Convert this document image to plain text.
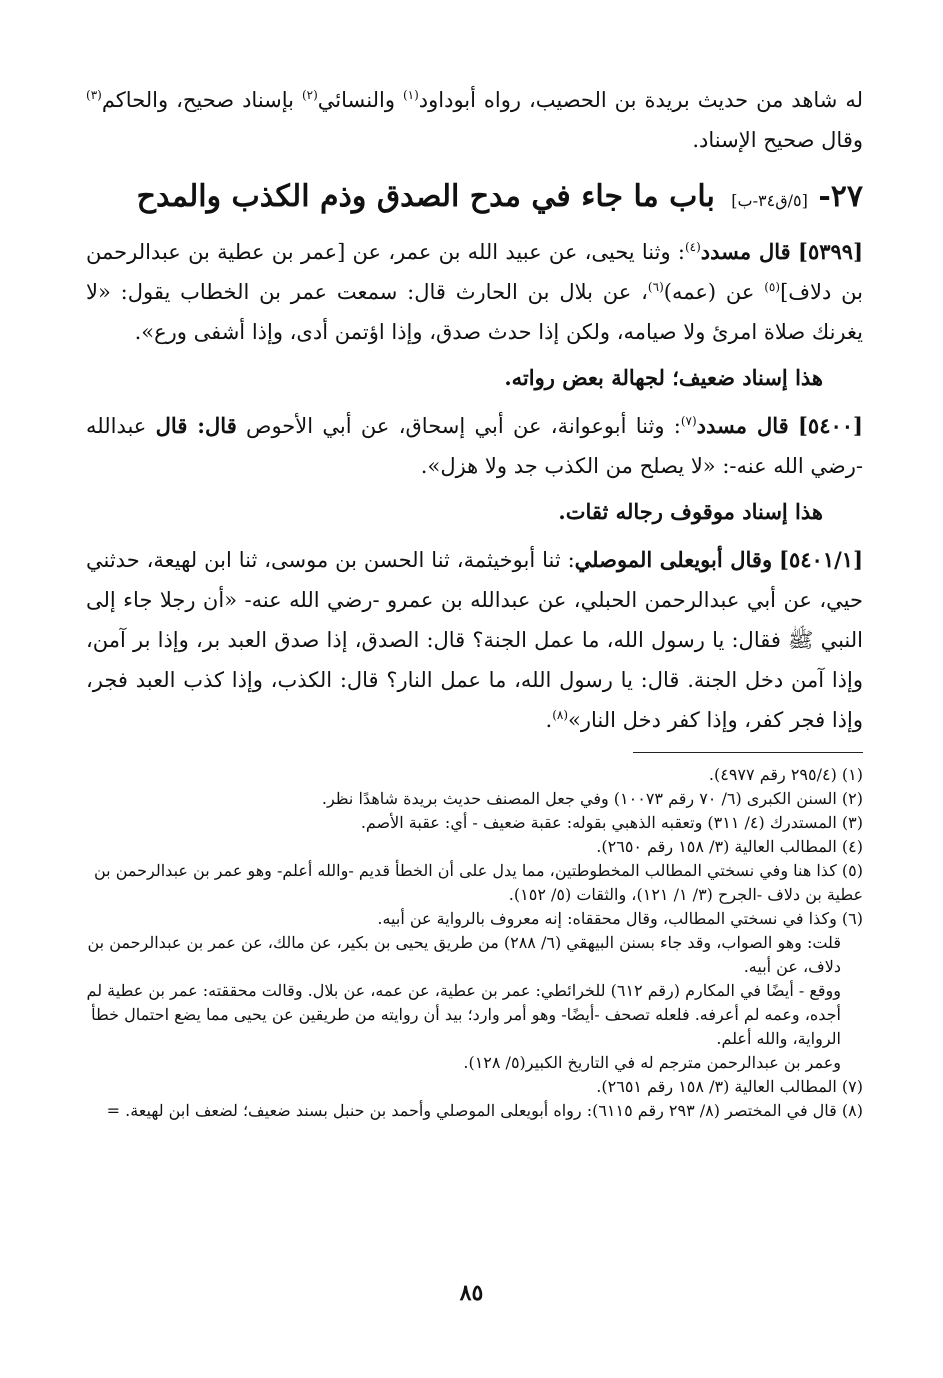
له شاهد من حديث بريدة بن الحصيب، رواه أبوداود$^{(١)}$ والنسائي$^{(٢)}$ بإسناد صحيح، والحاكم$^{(٣)}$ وقال صحيح الإسناد.

٢٧- [٥/ق٣٤-ب] باب ما جاء في مدح الصدق وذم الكذب والمدح

[٥٣٩٩] قال مسدد$^{(٤)}$: وثنا يحيى، عن عبيد الله بن عمر، عن [عمر بن عطية بن عبدالرحمن بن دلاف]$^{(٥)}$ عن (عمه)$^{(٦)}$، عن بلال بن الحارث قال: سمعت عمر بن الخطاب يقول: «لا يغرنك صلاة امرئ ولا صيامه، ولكن إذا حدث صدق، وإذا اؤتمن أدى، وإذا أشفى ورع».

هذا إسناد ضعيف؛ لجهالة بعض رواته.

[٥٤٠٠] قال مسدد$^{(٧)}$: وثنا أبوعوانة، عن أبي إسحاق، عن أبي الأحوص قال: قال عبدالله -رضي الله عنه-: «لا يصلح من الكذب جد ولا هزل».

هذا إسناد موقوف رجاله ثقات.

[٥٤٠١/١] وقال أبويعلى الموصلي: ثنا أبوخيثمة، ثنا الحسن بن موسى، ثنا ابن لهيعة، حدثني حيي، عن أبي عبدالرحمن الحبلي، عن عبدالله بن عمرو -رضي الله عنه- «أن رجلا جاء إلى النبي ﷺ فقال: يا رسول الله، ما عمل الجنة؟ قال: الصدق، إذا صدق العبد بر، وإذا بر آمن، وإذا آمن دخل الجنة. قال: يا رسول الله، ما عمل النار؟ قال: الكذب، وإذا كذب العبد فجر، وإذا فجر كفر، وإذا كفر دخل النار»$^{(٨)}$.

(١) (٢٩٥/٤ رقم ٤٩٧٧).

(٢) السنن الكبرى (٦/ ٧٠ رقم ١٠٠٧٣) وفي جعل المصنف حديث بريدة شاهدًا نظر.

(٣) المستدرك (٤/ ٣١١) وتعقبه الذهبي بقوله: عقبة ضعيف - أي: عقبة الأصم.

(٤) المطالب العالية (٣/ ١٥٨ رقم ٢٦٥٠).

(٥) كذا هنا وفي نسختي المطالب المخطوطتين، مما يدل على أن الخطأ قديم -والله أعلم- وهو عمر بن عبدالرحمن بن عطية بن دلاف -الجرح (٣/ ١/ ١٢١)، والثقات (٥/ ١٥٢).

(٦) وكذا في نسختي المطالب، وقال محققاه: إنه معروف بالرواية عن أبيه.

قلت: وهو الصواب، وقد جاء بسنن البيهقي (٦/ ٢٨٨) من طريق يحيى بن بكير، عن مالك، عن عمر بن عبدالرحمن بن دلاف، عن أبيه.

ووقع - أيضًا في المكارم (رقم ٦١٢) للخرائطي: عمر بن عطية، عن عمه، عن بلال. وقالت محققته: عمر بن عطية لم أجده، وعمه لم أعرفه. فلعله تصحف -أيضًا- وهو أمر وارد؛ بيد أن روايته من طريقين عن يحيى مما يضع احتمال خطأ الرواية، والله أعلم.

وعمر بن عبدالرحمن مترجم له في التاريخ الكبير(٥/ ١٢٨).

(٧) المطالب العالية (٣/ ١٥٨ رقم ٢٦٥١).

(٨) قال في المختصر (٨/ ٢٩٣ رقم ٦١١٥): رواه أبويعلى الموصلي وأحمد بن حنبل بسند ضعيف؛ لضعف ابن لهيعة. =

٨٥
